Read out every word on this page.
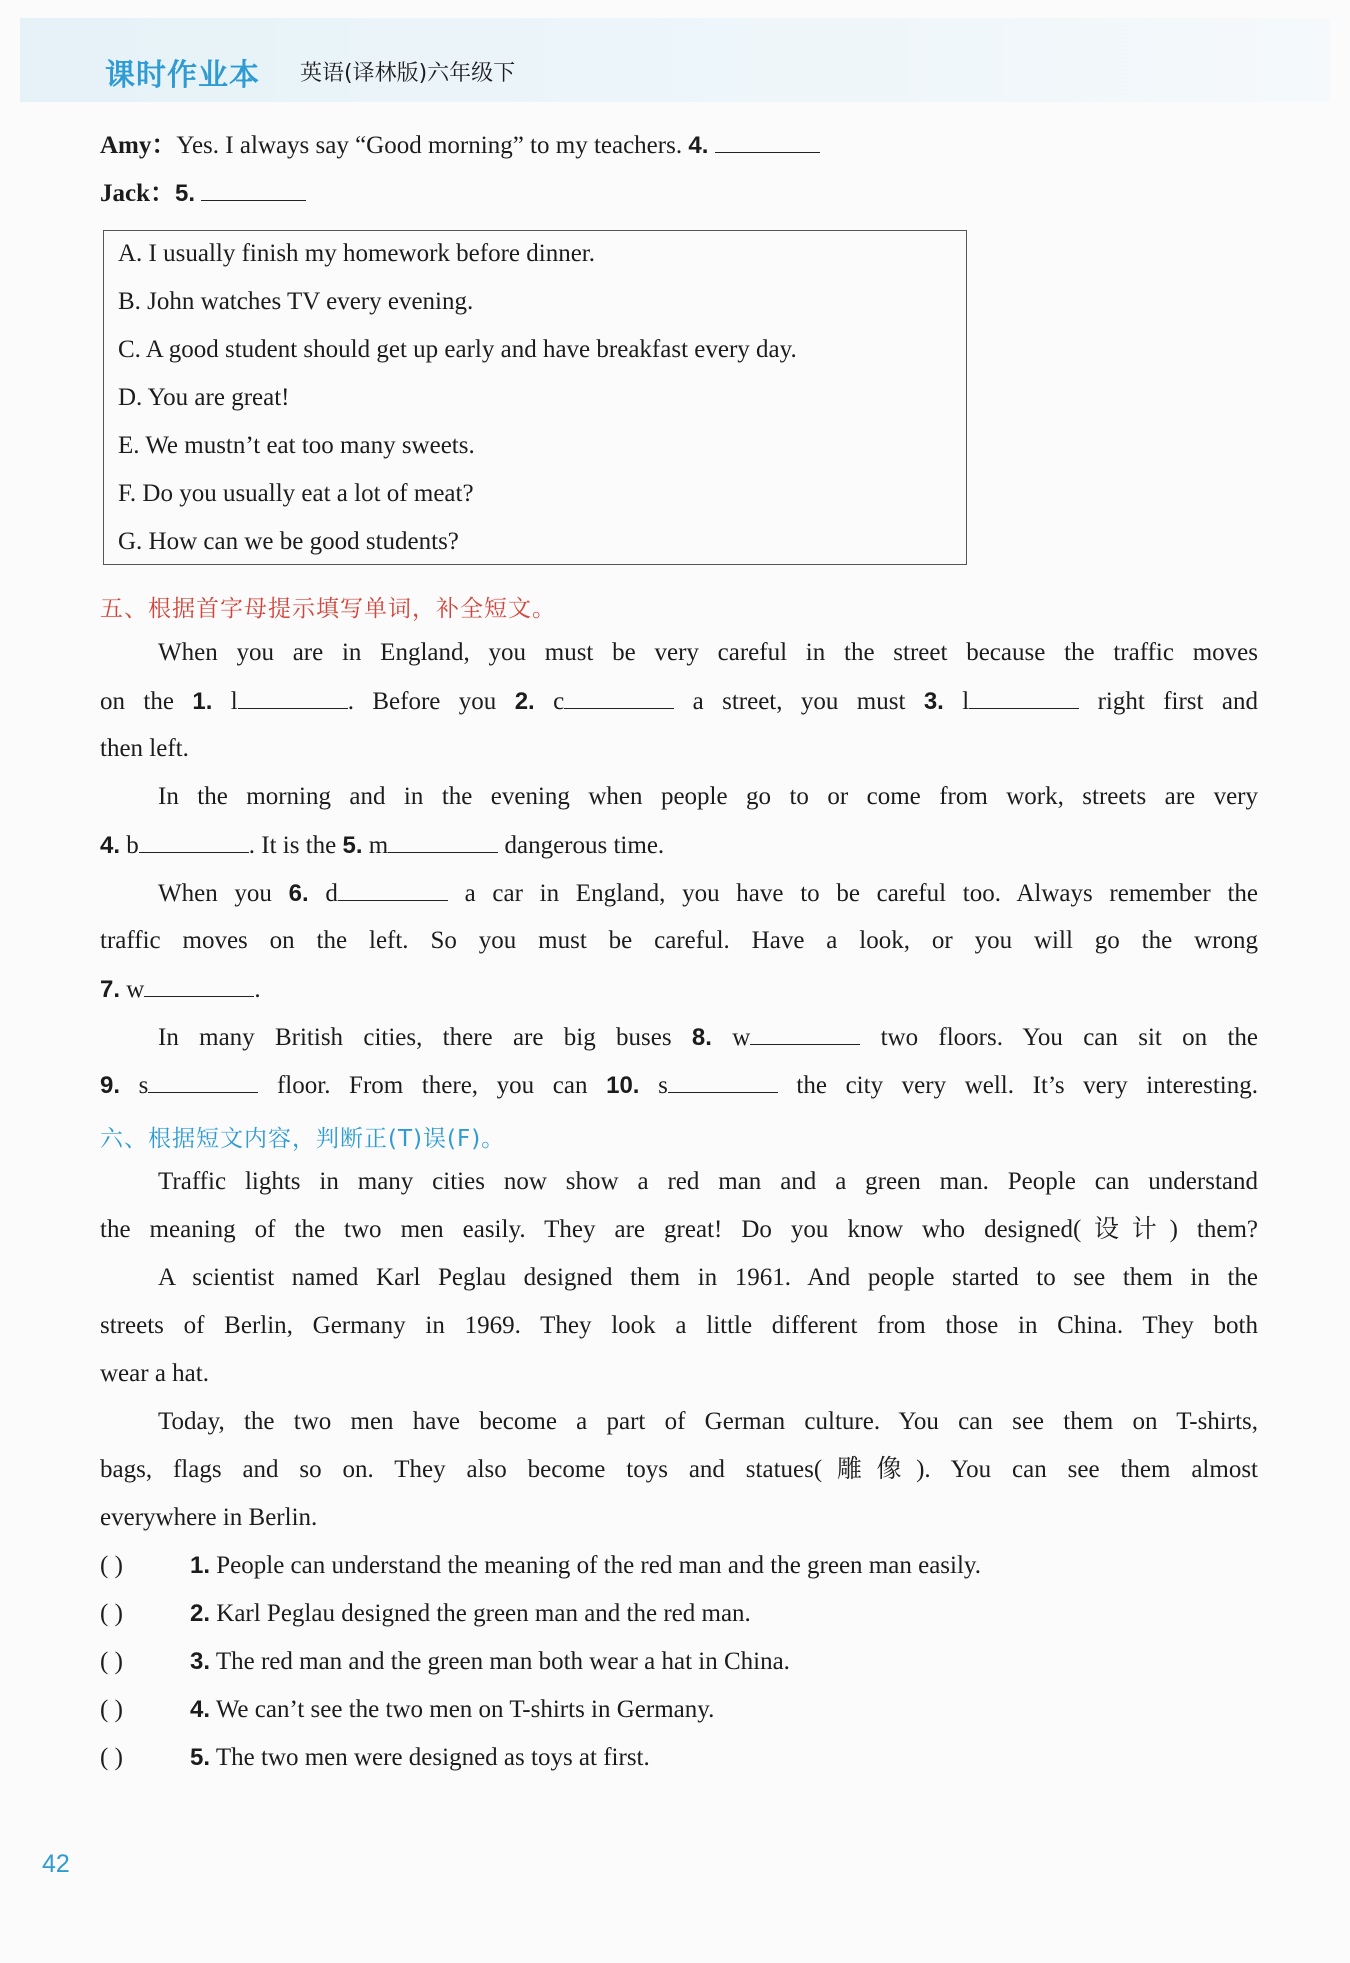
课时作业本 英语(译林版)六年级下
Amy：Yes. I always say “Good morning” to my teachers. 4.
Jack：5.
A. I usually finish my homework before dinner.
B. John watches TV every evening.
C. A good student should get up early and have breakfast every day.
D. You are great!
E. We mustn’t eat too many sweets.
F. Do you usually eat a lot of meat?
G. How can we be good students?
五、根据首字母提示填写单词，补全短文。
When you are in England, you must be very careful in the street because the traffic moves
on the 1. l	. Before you 2. c	a street, you must 3. l	right first and
then left.
In the morning and in the evening when people go to or come from work, streets are very
4. b	. It is the 5. m	dangerous time.
When you 6. d	a car in England, you have to be careful too. Always remember the
traffic moves on the left. So you must be careful. Have a look, or you will go the wrong
7. w	.
In many British cities, there are big buses 8. w	two floors. You can sit on the
9. s	floor. From there, you can 10. s	the city very well. It’s very interesting.
六、根据短文内容，判断正(T)误(F)。
Traffic lights in many cities now show a red man and a green man. People can understand
the meaning of the two men easily. They are great! Do you know who designed(设计) them?
A scientist named Karl Peglau designed them in 1961. And people started to see them in the
streets of Berlin, Germany in 1969. They look a little different from those in China. They both
wear a hat.
Today, the two men have become a part of German culture. You can see them on T-shirts,
bags, flags and so on. They also become toys and statues(雕像). You can see them almost
everywhere in Berlin.
( )	1. People can understand the meaning of the red man and the green man easily.
( )	2. Karl Peglau designed the green man and the red man.
( )	3. The red man and the green man both wear a hat in China.
( )	4. We can’t see the two men on T-shirts in Germany.
( )	5. The two men were designed as toys at first.
42
